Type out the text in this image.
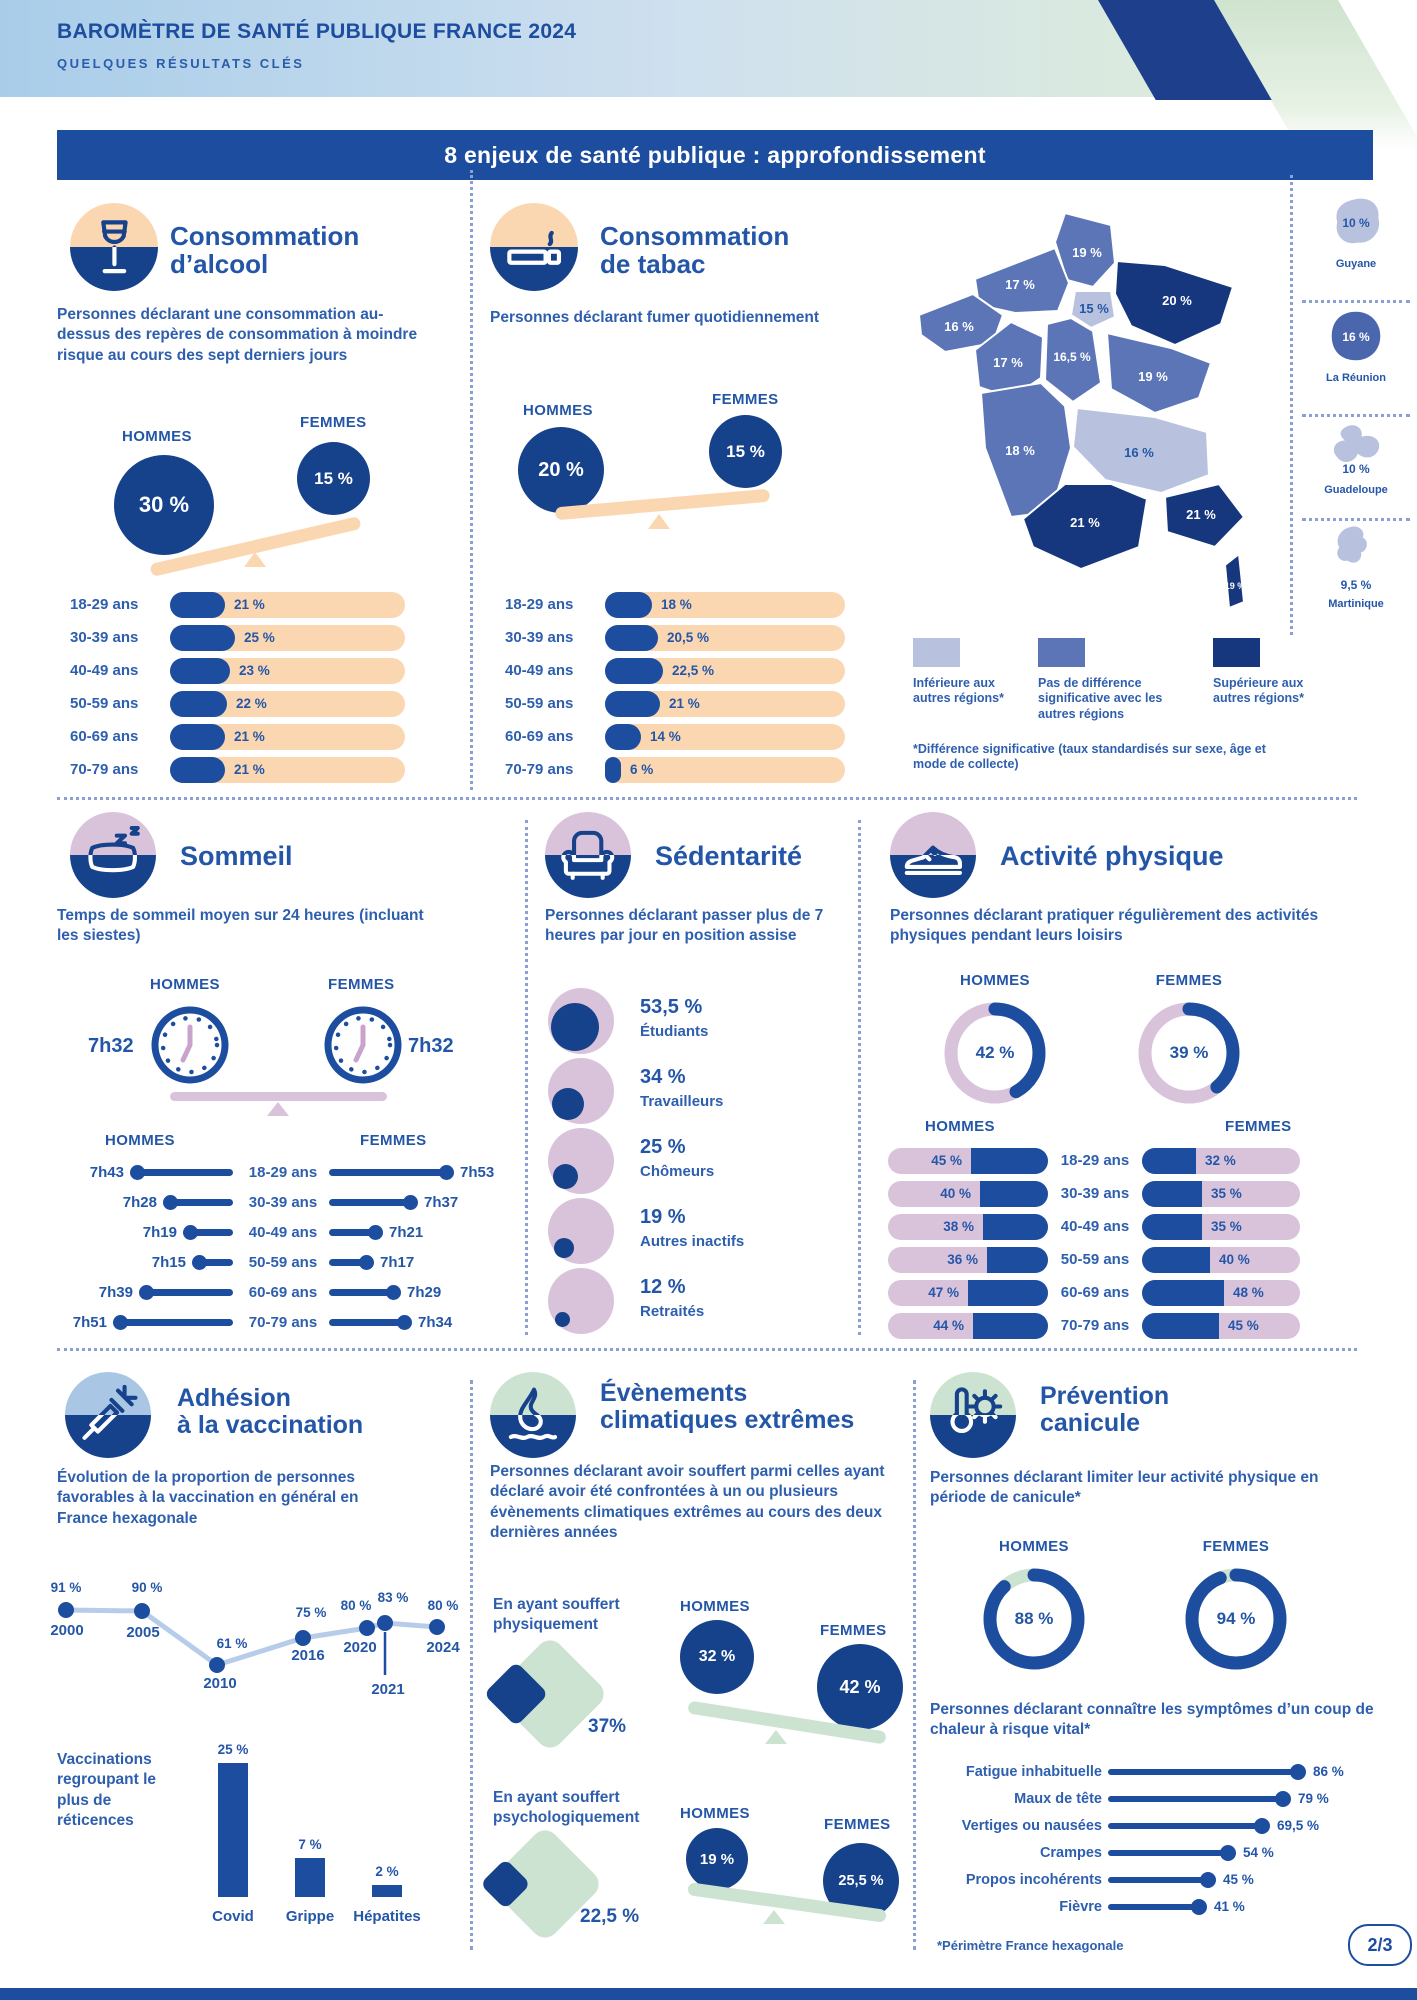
BAROMÈTRE DE SANTÉ PUBLIQUE FRANCE 2024
QUELQUES RÉSULTATS CLÉS
8 enjeux de santé publique : approfondissement
Consommation
d’alcool

Personnes déclarant une consommation au-dessus des repères de consommation à moindre risque au cours des sept derniers jours

HOMMES
30 %
FEMMES
15 %
18-29 ans	21 %
30-39 ans	25 %
40-49 ans	23 %
50-59 ans	22 %
60-69 ans	21 %
70-79 ans	21 %
Consommation
de tabac

Personnes déclarant fumer quotidiennement

HOMMES
20 %
FEMMES
15 %
18-29 ans	18 %
30-39 ans	20,5 %
40-49 ans	22,5 %
50-59 ans	21 %
60-69 ans	14 %
70-79 ans	6 %
19 %
17 %
15 %
20 %
16 %
17 %	16,5 %
19 %
18 %	16 %
21 %
21 %
19 %
10 %
Guyane
16 %
La Réunion
10 %
Guadeloupe
9,5 %
Martinique
Inférieure aux autres régions*
Pas de différence significative avec les autres régions
Supérieure aux autres régions*
*Différence significative (taux standardisés sur sexe, âge et mode de collecte)
Sommeil

Temps de sommeil moyen sur 24 heures (incluant les siestes)

HOMMES	FEMMES
7h32	7h32
HOMMES	FEMMES
7h43	18-29 ans	7h53
7h28	30-39 ans	7h37
7h19	40-49 ans	7h21
7h15	50-59 ans	7h17
7h39	60-69 ans	7h29
7h51	70-79 ans	7h34
Sédentarité

Personnes déclarant passer plus de 7 heures par jour en position assise

53,5 %
Étudiants
34 %
Travailleurs
25 %
Chômeurs
19 %
Autres inactifs
12 %
Retraités
Activité physique

Personnes déclarant pratiquer régulièrement des activités physiques pendant leurs loisirs

HOMMES	FEMMES
42 %	39 %
HOMMES	FEMMES
45 %	18-29 ans	32 %
40 %	30-39 ans	35 %
38 %	40-49 ans	35 %
36 %	50-59 ans	40 %
47 %	60-69 ans	48 %
44 %	70-79 ans	45 %
Adhésion
à la vaccination

Évolution de la proportion de personnes favorables à la vaccination en général en France hexagonale

91 %	90 %
61 %
75 % 80 %
83 %
80 %
2000	2005
2010
2016 2020
2021
2024
Vaccinations regroupant le plus de réticences
25 %
Covid
7 %
Grippe
2 %
Hépatites
Évènements
climatiques extrêmes

Personnes déclarant avoir souffert parmi celles ayant déclaré avoir été confrontées à un ou plusieurs évènements climatiques extrêmes au cours des deux dernières années

En ayant souffert physiquement
37%
HOMMES
32 %
FEMMES
42 %
En ayant souffert psychologiquement
22,5 %
HOMMES
19 %
FEMMES
25,5 %
Prévention
canicule

Personnes déclarant limiter leur activité physique en période de canicule*

HOMMES	FEMMES
88 %	94 %

Personnes déclarant connaître les symptômes d’un coup de chaleur à risque vital*

Fatigue inhabituelle	86 %
Maux de tête	79 %
Vertiges ou nausées	69,5 %
Crampes	54 %
Propos incohérents	45 %
Fièvre	41 %
*Périmètre France hexagonale	2/3
